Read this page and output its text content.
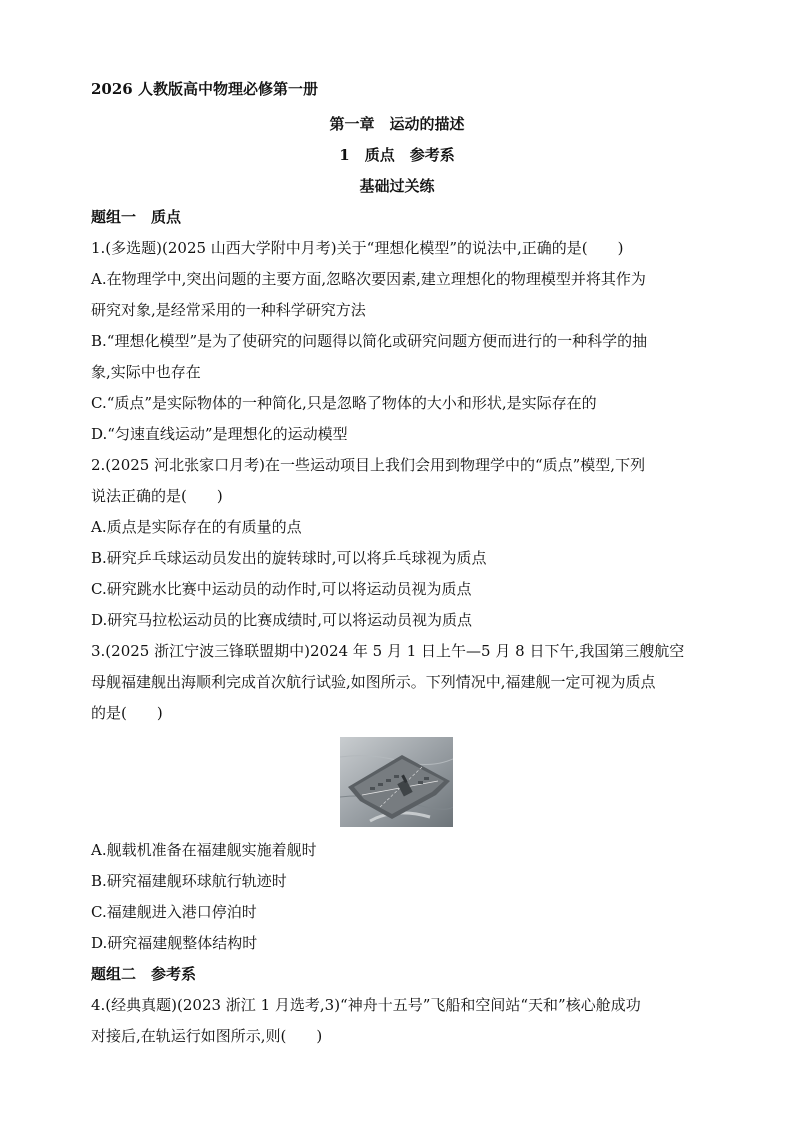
2026 人教版高中物理必修第一册
第一章　运动的描述
1　质点　参考系
基础过关练
题组一　质点
1.(多选题)(2025 山西大学附中月考)关于“理想化模型”的说法中,正确的是(　　)
A.在物理学中,突出问题的主要方面,忽略次要因素,建立理想化的物理模型并将其作为
研究对象,是经常采用的一种科学研究方法
B.“理想化模型”是为了使研究的问题得以简化或研究问题方便而进行的一种科学的抽
象,实际中也存在
C.“质点”是实际物体的一种简化,只是忽略了物体的大小和形状,是实际存在的
D.“匀速直线运动”是理想化的运动模型
2.(2025 河北张家口月考)在一些运动项目上我们会用到物理学中的“质点”模型,下列
说法正确的是(　　)
A.质点是实际存在的有质量的点
B.研究乒乓球运动员发出的旋转球时,可以将乒乓球视为质点
C.研究跳水比赛中运动员的动作时,可以将运动员视为质点
D.研究马拉松运动员的比赛成绩时,可以将运动员视为质点
3.(2025 浙江宁波三锋联盟期中)2024 年 5 月 1 日上午—5 月 8 日下午,我国第三艘航空
母舰福建舰出海顺利完成首次航行试验,如图所示。下列情况中,福建舰一定可视为质点
的是(　　)
A.舰载机准备在福建舰实施着舰时
B.研究福建舰环球航行轨迹时
C.福建舰进入港口停泊时
D.研究福建舰整体结构时
题组二　参考系
4.(经典真题)(2023 浙江 1 月选考,3)“神舟十五号”飞船和空间站“天和”核心舱成功
对接后,在轨运行如图所示,则(　　)
